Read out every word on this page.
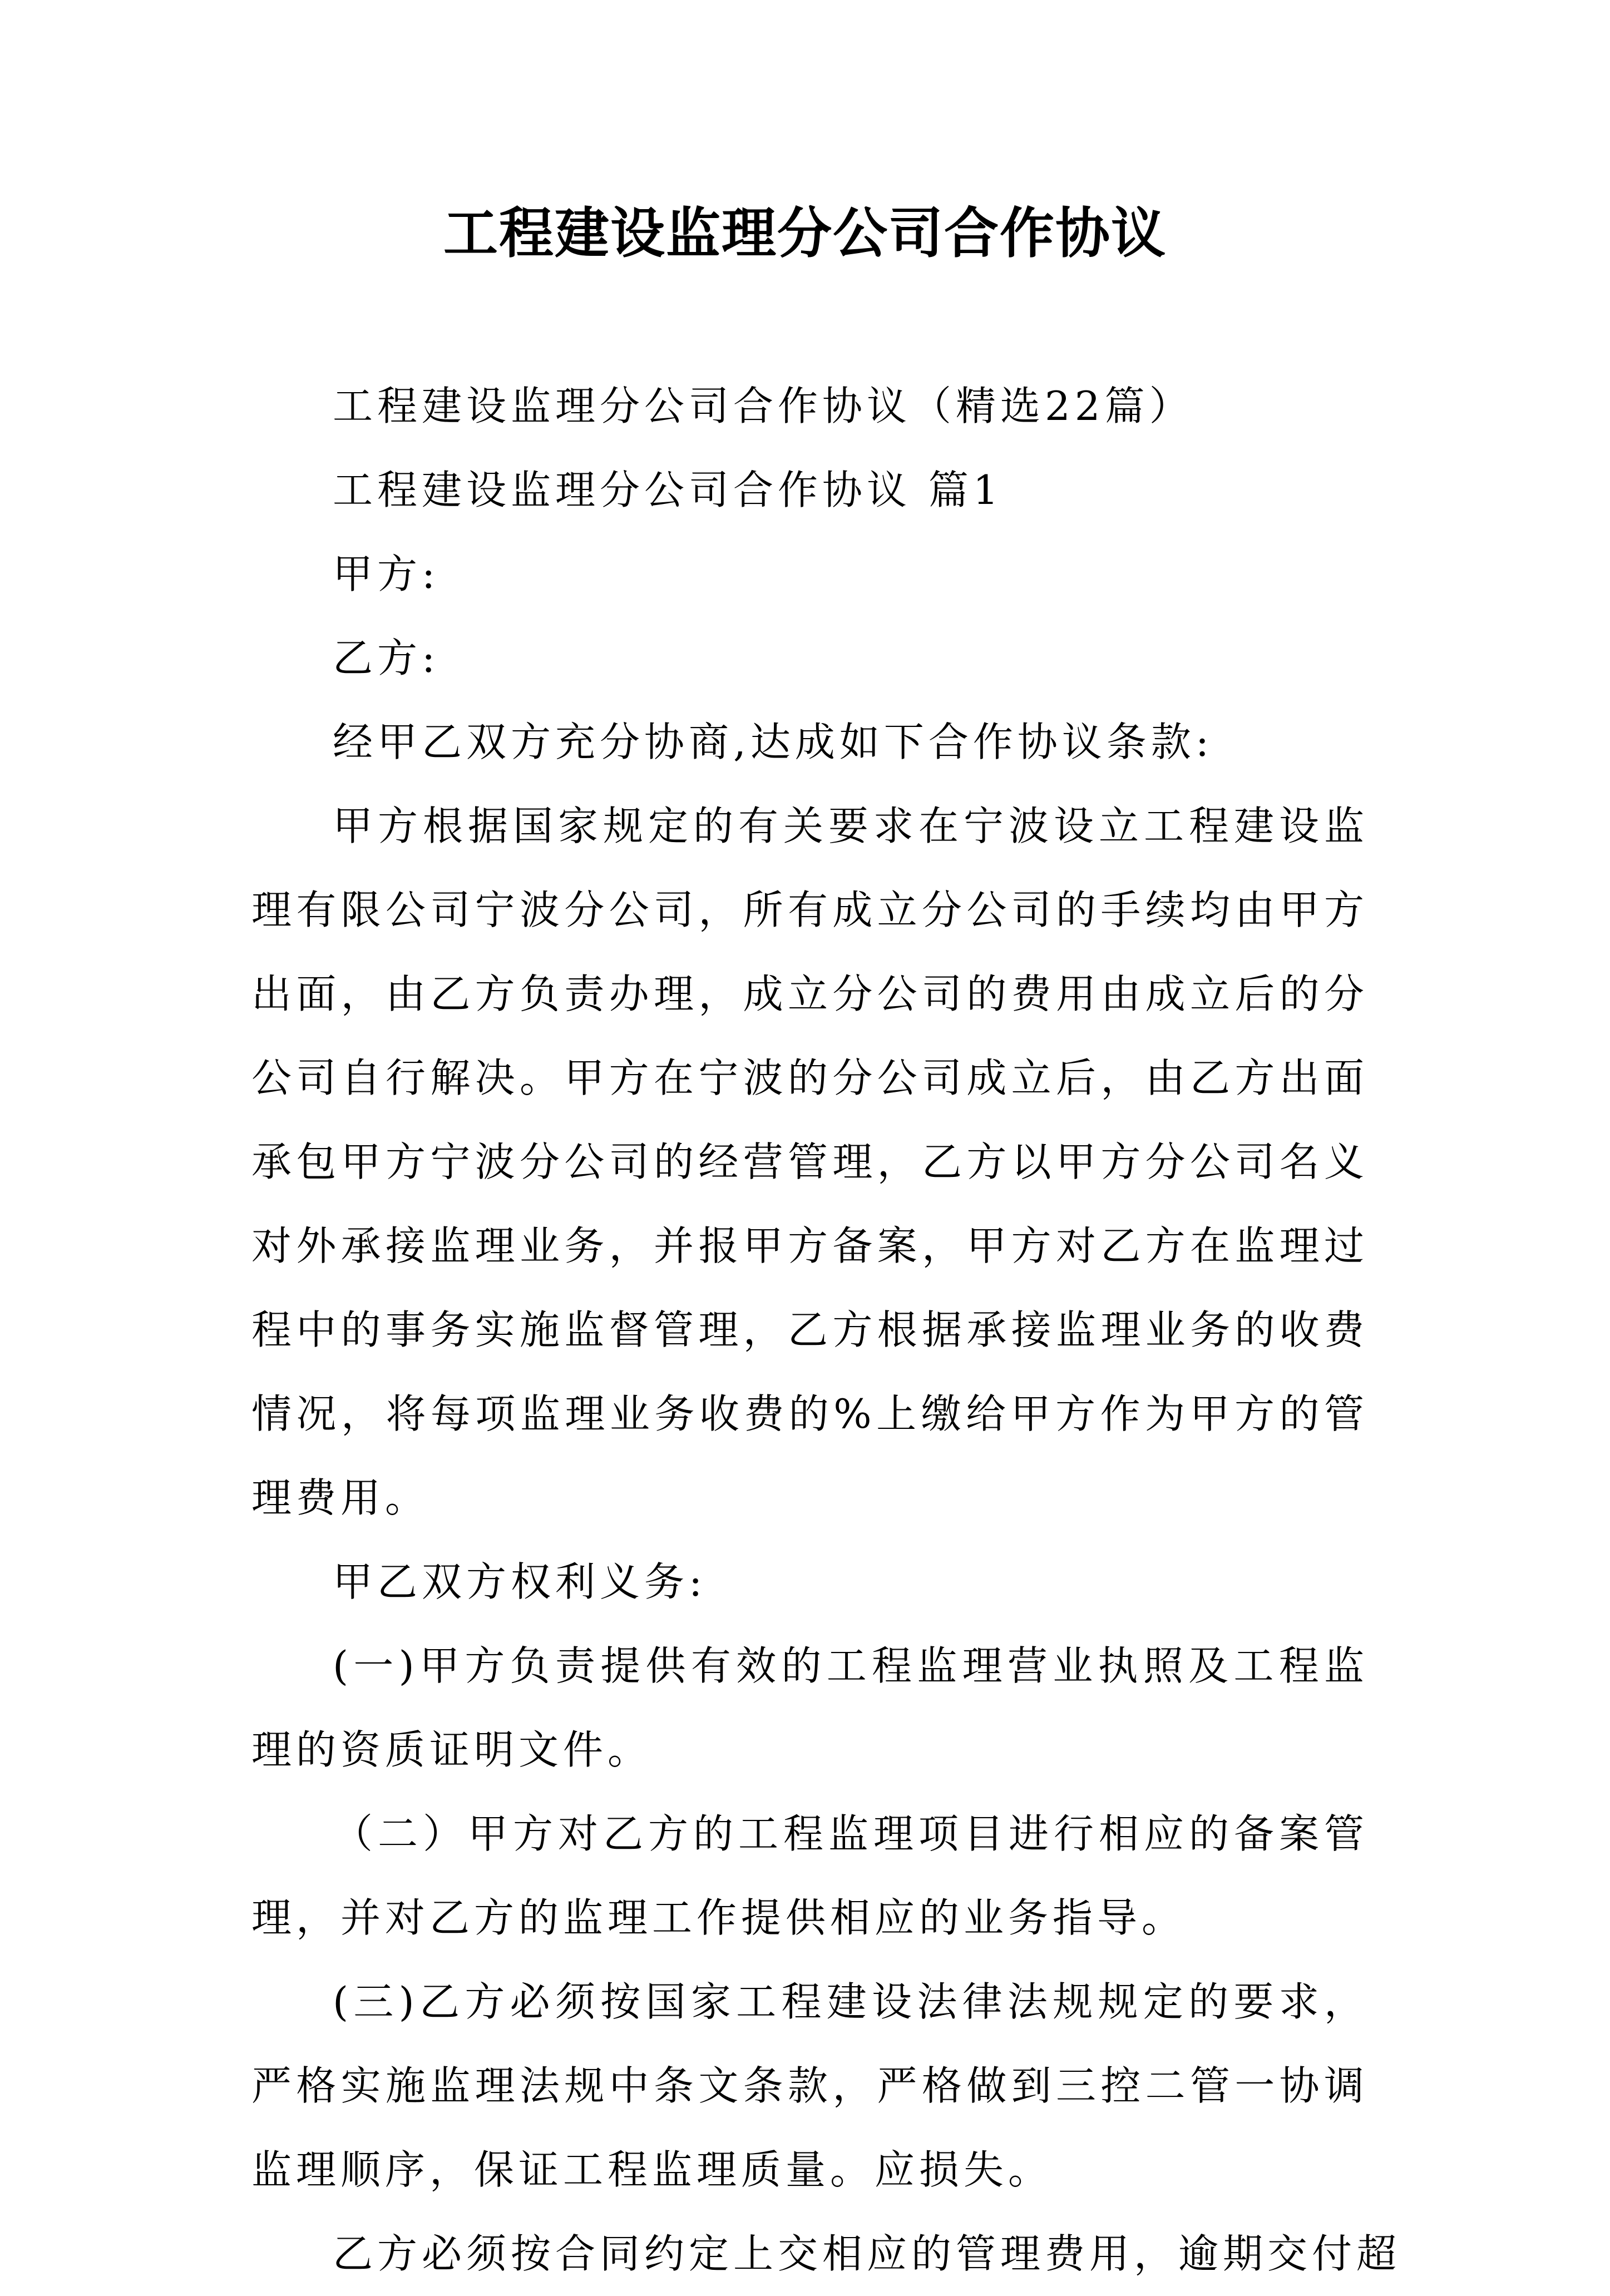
工程建设监理分公司合作协议

工程建设监理分公司合作协议（精选22篇）

工程建设监理分公司合作协议 篇1

甲方:

乙方:

经甲乙双方充分协商,达成如下合作协议条款:

甲方根据国家规定的有关要求在宁波设立工程建设监理有限公司宁波分公司，所有成立分公司的手续均由甲方出面，由乙方负责办理，成立分公司的费用由成立后的分公司自行解决。甲方在宁波的分公司成立后，由乙方出面承包甲方宁波分公司的经营管理，乙方以甲方分公司名义对外承接监理业务，并报甲方备案，甲方对乙方在监理过程中的事务实施监督管理，乙方根据承接监理业务的收费情况，将每项监理业务收费的%上缴给甲方作为甲方的管理费用。

甲乙双方权利义务:

(一)甲方负责提供有效的工程监理营业执照及工程监理的资质证明文件。

（二）甲方对乙方的工程监理项目进行相应的备案管理，并对乙方的监理工作提供相应的业务指导。

(三)乙方必须按国家工程建设法律法规规定的要求，严格实施监理法规中条文条款，严格做到三控二管一协调监理顺序，保证工程监理质量。应损失。

乙方必须按合同约定上交相应的管理费用，逾期交付超
